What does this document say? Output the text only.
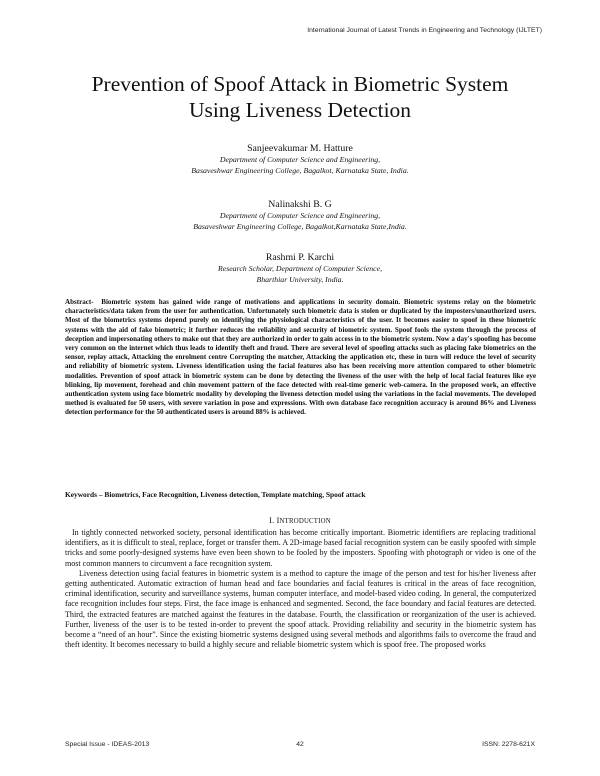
International Journal of Latest Trends in Engineering and Technology (IJLTET)
Prevention of Spoof Attack in Biometric System
Using Liveness Detection
Sanjeevakumar M. Hatture
Department of Computer Science and Engineering,
Basaveshwar Engineering College, Bagalkot, Karnataka State, India.
Nalinakshi B. G
Department of Computer Science and Engineering,
Basaveshwar Engineering College, Bagalkot,Karnataka State,India.
Rashmi P. Karchi
Research Scholar, Department of Computer Science,
Bharthiar University, India.
Abstract- Biometric system has gained wide range of motivations and applications in security domain. Biometric systems relay on the biometric characteristics/data taken from the user for authentication. Unfortunately such biometric data is stolen or duplicated by the imposters/unauthorized users. Most of the biometrics systems depend purely on identifying the physiological characteristics of the user. It becomes easier to spoof in these biometric systems with the aid of fake biometric; it further reduces the reliability and security of biometric system. Spoof fools the system through the process of deception and impersonating others to make out that they are authorized in order to gain access in to the biometric system. Now a day's spoofing has become very common on the internet which thus leads to identify theft and fraud. There are several level of spoofing attacks such as placing fake biometrics on the sensor, replay attack, Attacking the enrolment centre Corrupting the matcher, Attacking the application etc, these in turn will reduce the level of security and reliability of biometric system. Liveness identification using the facial features also has been receiving more attention compared to other biometric modalities. Prevention of spoof attack in biometric system can be done by detecting the liveness of the user with the help of local facial features like eye blinking, lip movement, forehead and chin movement pattern of the face detected with real-time generic web-camera. In the proposed work, an effective authentication system using face biometric modality by developing the liveness detection model using the variations in the facial movements. The developed method is evaluated for 50 users, with severe variation in pose and expressions. With own database face recognition accuracy is around 86% and Liveness detection performance for the 50 authenticated users is around 88% is achieved.
Keywords – Biometrics, Face Recognition, Liveness detection, Template matching, Spoof attack
I. INTRODUCTION

In tightly connected networked society, personal identification has become critically important. Biometric identifiers are replacing traditional identifiers, as it is difficult to steal, replace, forget or transfer them. A 2D-image based facial recognition system can be easily spoofed with simple tricks and some poorly-designed systems have even been shown to be fooled by the imposters. Spoofing with photograph or video is one of the most common manners to circumvent a face recognition system.

Liveness detection using facial features in biometric system is a method to capture the image of the person and test for his/her liveness after getting authenticated. Automatic extraction of human head and face boundaries and facial features is critical in the areas of face recognition, criminal identification, security and surveillance systems, human computer interface, and model-based video coding. In general, the computerized face recognition includes four steps. First, the face image is enhanced and segmented. Second, the face boundary and facial features are detected. Third, the extracted features are matched against the features in the database. Fourth, the classification or reorganization of the user is achieved. Further, liveness of the user is to be tested in-order to prevent the spoof attack. Providing reliability and security in the biometric system has become a “need of an hour”. Since the existing biometric systems designed using several methods and algorithms fails to overcome the fraud and theft identity. It becomes necessary to build a highly secure and reliable biometric system which is spoof free. The proposed works

Special Issue - IDEAS-2013	42	ISSN: 2278-621X
